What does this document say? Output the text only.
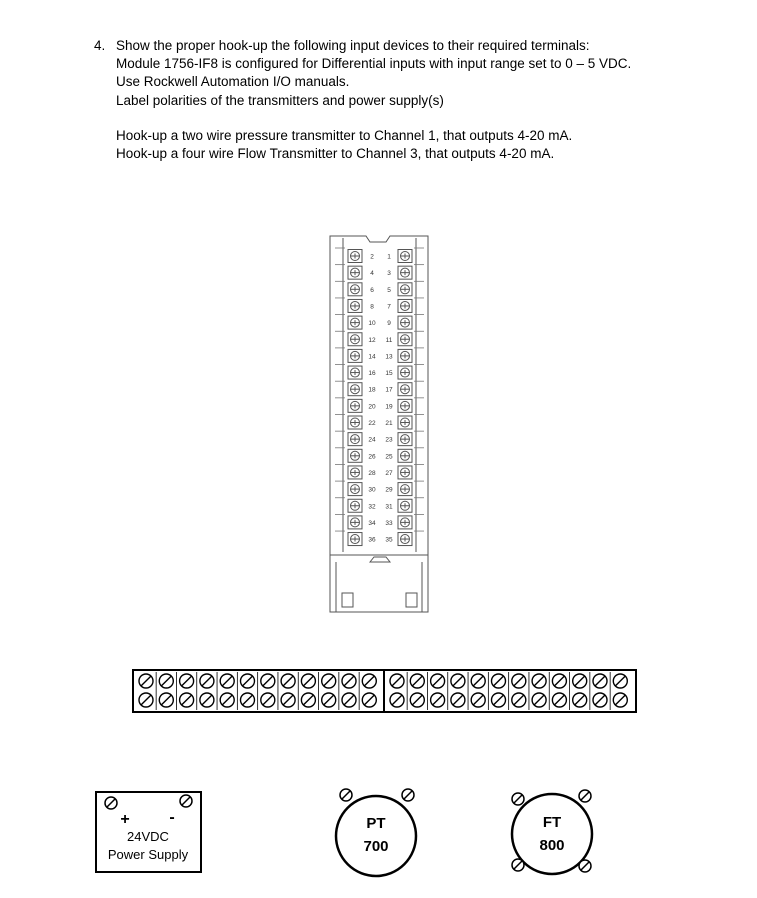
4. Show the proper hook-up the following input devices to their required terminals:
Module 1756-IF8 is configured for Differential inputs with input range set to 0 – 5 VDC.
Use Rockwell Automation I/O manuals.
Label polarities of the transmitters and power supply(s)
Hook-up a two wire pressure transmitter to Channel 1, that outputs 4-20 mA.
Hook-up a four wire Flow Transmitter to Channel 3, that outputs 4-20 mA.
2 1
4 3
6 5
8 7
10 9
12 11
14 13
16 15
18 17
20 19
22 21
24 23
26 25
28 27
30 29
32 31
34 33
36 35
+ -
24VDC
Power Supply
PT
700
FT
800
